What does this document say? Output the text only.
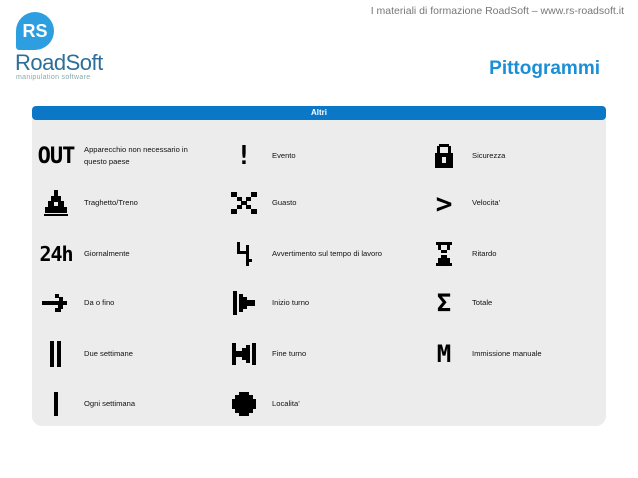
I materiali di formazione RoadSoft – www.rs-roadsoft.it
RS
RoadSoft
manipulation software	Pittogrammi
Altri
OUT Apparecchio non necessario in questo paese	!	Evento	Sicurezza
Traghetto/Treno	Guasto	>	Velocita’
24h Giornalmente	Avvertimento sul tempo di lavoro	Ritardo
Da o fino	Inizio turno	Σ	Totale
Due settimane	Fine turno	M	Immissione manuale
Ogni settimana	Localita’
